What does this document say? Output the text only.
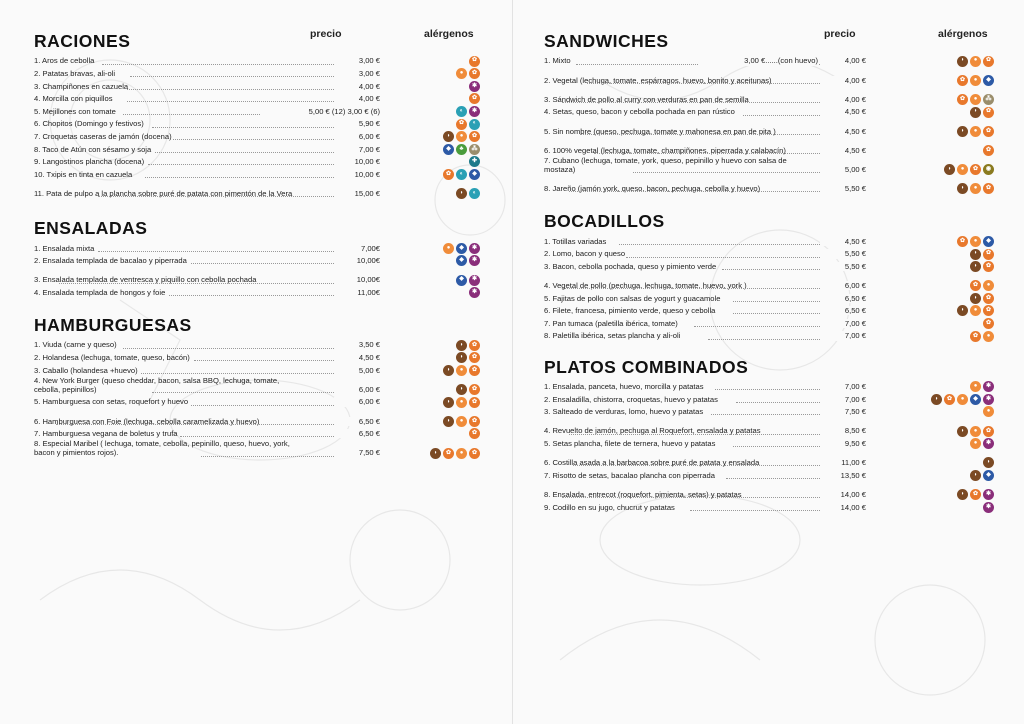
RACIONES	precio	alérgenos
1. Aros de cebolla	3,00 €	✿
2. Patatas bravas, ali-oli	3,00 €	●	✿
3. Champiñones en cazuela	4,00 €	✱
4. Morcilla con piquillos	4,00 €	✿
5. Mejillones con tomate	5,00 € (12) 3,00 € (6)	◐	✱
6. Chopitos (Domingo y festivos)	5,90 €	✿	◐
7. Croquetas caseras de jamón (docena)	6,00 €	◗	●	✿
8. Taco de Atún con sésamo y soja	7,00 €	◆	♣	⁂
9. Langostinos plancha (docena)	10,00 €	✚
10. Txipis en tinta en cazuela	10,00 €	✿	◐	◆
11. Pata de pulpo a la plancha sobre puré de patata con pimentón de la Vera	15,00 €	◗	◐
ENSALADAS
1. Ensalada mixta	7,00€	●	◆	✱
2. Ensalada templada de bacalao y piperrada	10,00€	◆	✱
3. Ensalada templada de ventresca y piquillo con cebolla pochada	10,00€	◆	✱
4. Ensalada templada de hongos y foie	11,00€	✱
HAMBURGUESAS
1. Viuda (carne y queso)	3,50 €	◗	✿
2. Holandesa (lechuga, tomate, queso, bacón)	4,50 €	◗	✿
3. Caballo (holandesa +huevo)	5,00 €	◗	●	✿
4. New York Burger (queso cheddar, bacon, salsa BBQ, lechuga, tomate, cebolla, pepinillos)	6,00 €	◗	✿
5. Hamburguesa con setas, roquefort y huevo	6,00 €	◗	●	✿
6. Hamburguesa con Foie (lechuga, cebolla caramelizada y huevo)	6,50 €	◗	●	✿
7. Hamburguesa vegana de boletus y trufa	6,50 €	✿
8. Especial Maribel ( lechuga, tomate, cebolla, pepinillo, queso, huevo, york, bacon y pimientos rojos).	7,50 €	◗	✿	●	✿
SANDWICHES	precio	alérgenos
1. Mixto	3,00 €......(con huevo)	4,00 €	◗	●	✿
2. Vegetal (lechuga, tomate, espárragos, huevo, bonito y aceitunas)	4,00 €	✿	●	◆
3. Sándwich de pollo al curry con verduras en pan de semilla	4,00 €	✿	●	⁂
4. Setas, queso, bacon y cebolla pochada en pan rústico	4,50 €	◗	✿
5. Sin nombre (queso, pechuga, tomate y mahonesa en pan de pita )	4,50 €	◗	●	✿
6. 100% vegetal (lechuga, tomate, champiñones, piperrada y calabacín)	4,50 €	✿
7. Cubano (lechuga, tomate, york, queso, pepinillo y huevo con salsa de mostaza)	5,00 €	◗	●	✿	◉
8. Jareño (jamón york, queso, bacon, pechuga, cebolla y huevo)	5,50 €	◗	●	✿
BOCADILLOS
1. Totillas variadas	4,50 €	✿	●	◆
2. Lomo, bacon y queso	5,50 €	◗	✿
3. Bacon, cebolla pochada, queso y pimiento verde	5,50 €	◗	✿
4. Vegetal de pollo (pechuga, lechuga, tomate, huevo, york )	6,00 €	✿	●
5. Fajitas de pollo con salsas de yogurt y guacamole	6,50 €	◗	✿
6. Filete, francesa, pimiento verde, queso y cebolla	6,50 €	◗	●	✿
7. Pan tumaca (paletilla ibérica, tomate)	7,00 €	✿
8. Paletilla ibérica, setas plancha y ali-oli	7,00 €	✿	●
PLATOS COMBINADOS
1. Ensalada, panceta, huevo, morcilla y patatas	7,00 €	●	✱
2. Ensaladilla, chistorra, croquetas, huevo y patatas	7,00 €	◗	✿	●	◆	✱
3. Salteado de verduras, lomo, huevo y patatas	7,50 €	●
4. Revuelto de jamón, pechuga al Roquefort, ensalada y patatas	8,50 €	◗	●	✿
5. Setas plancha, filete de ternera, huevo y patatas	9,50 €	●	✱
6. Costilla asada a la barbacoa sobre puré de patata y ensalada	11,00 €	◗
7. Risotto de setas, bacalao plancha con piperrada	13,50 €	◗	◆
8. Ensalada, entrecot (roquefort, pimienta, setas) y patatas	14,00 €	◗	✿	✱
9. Codillo en su jugo, chucrut y patatas	14,00 €	✱
